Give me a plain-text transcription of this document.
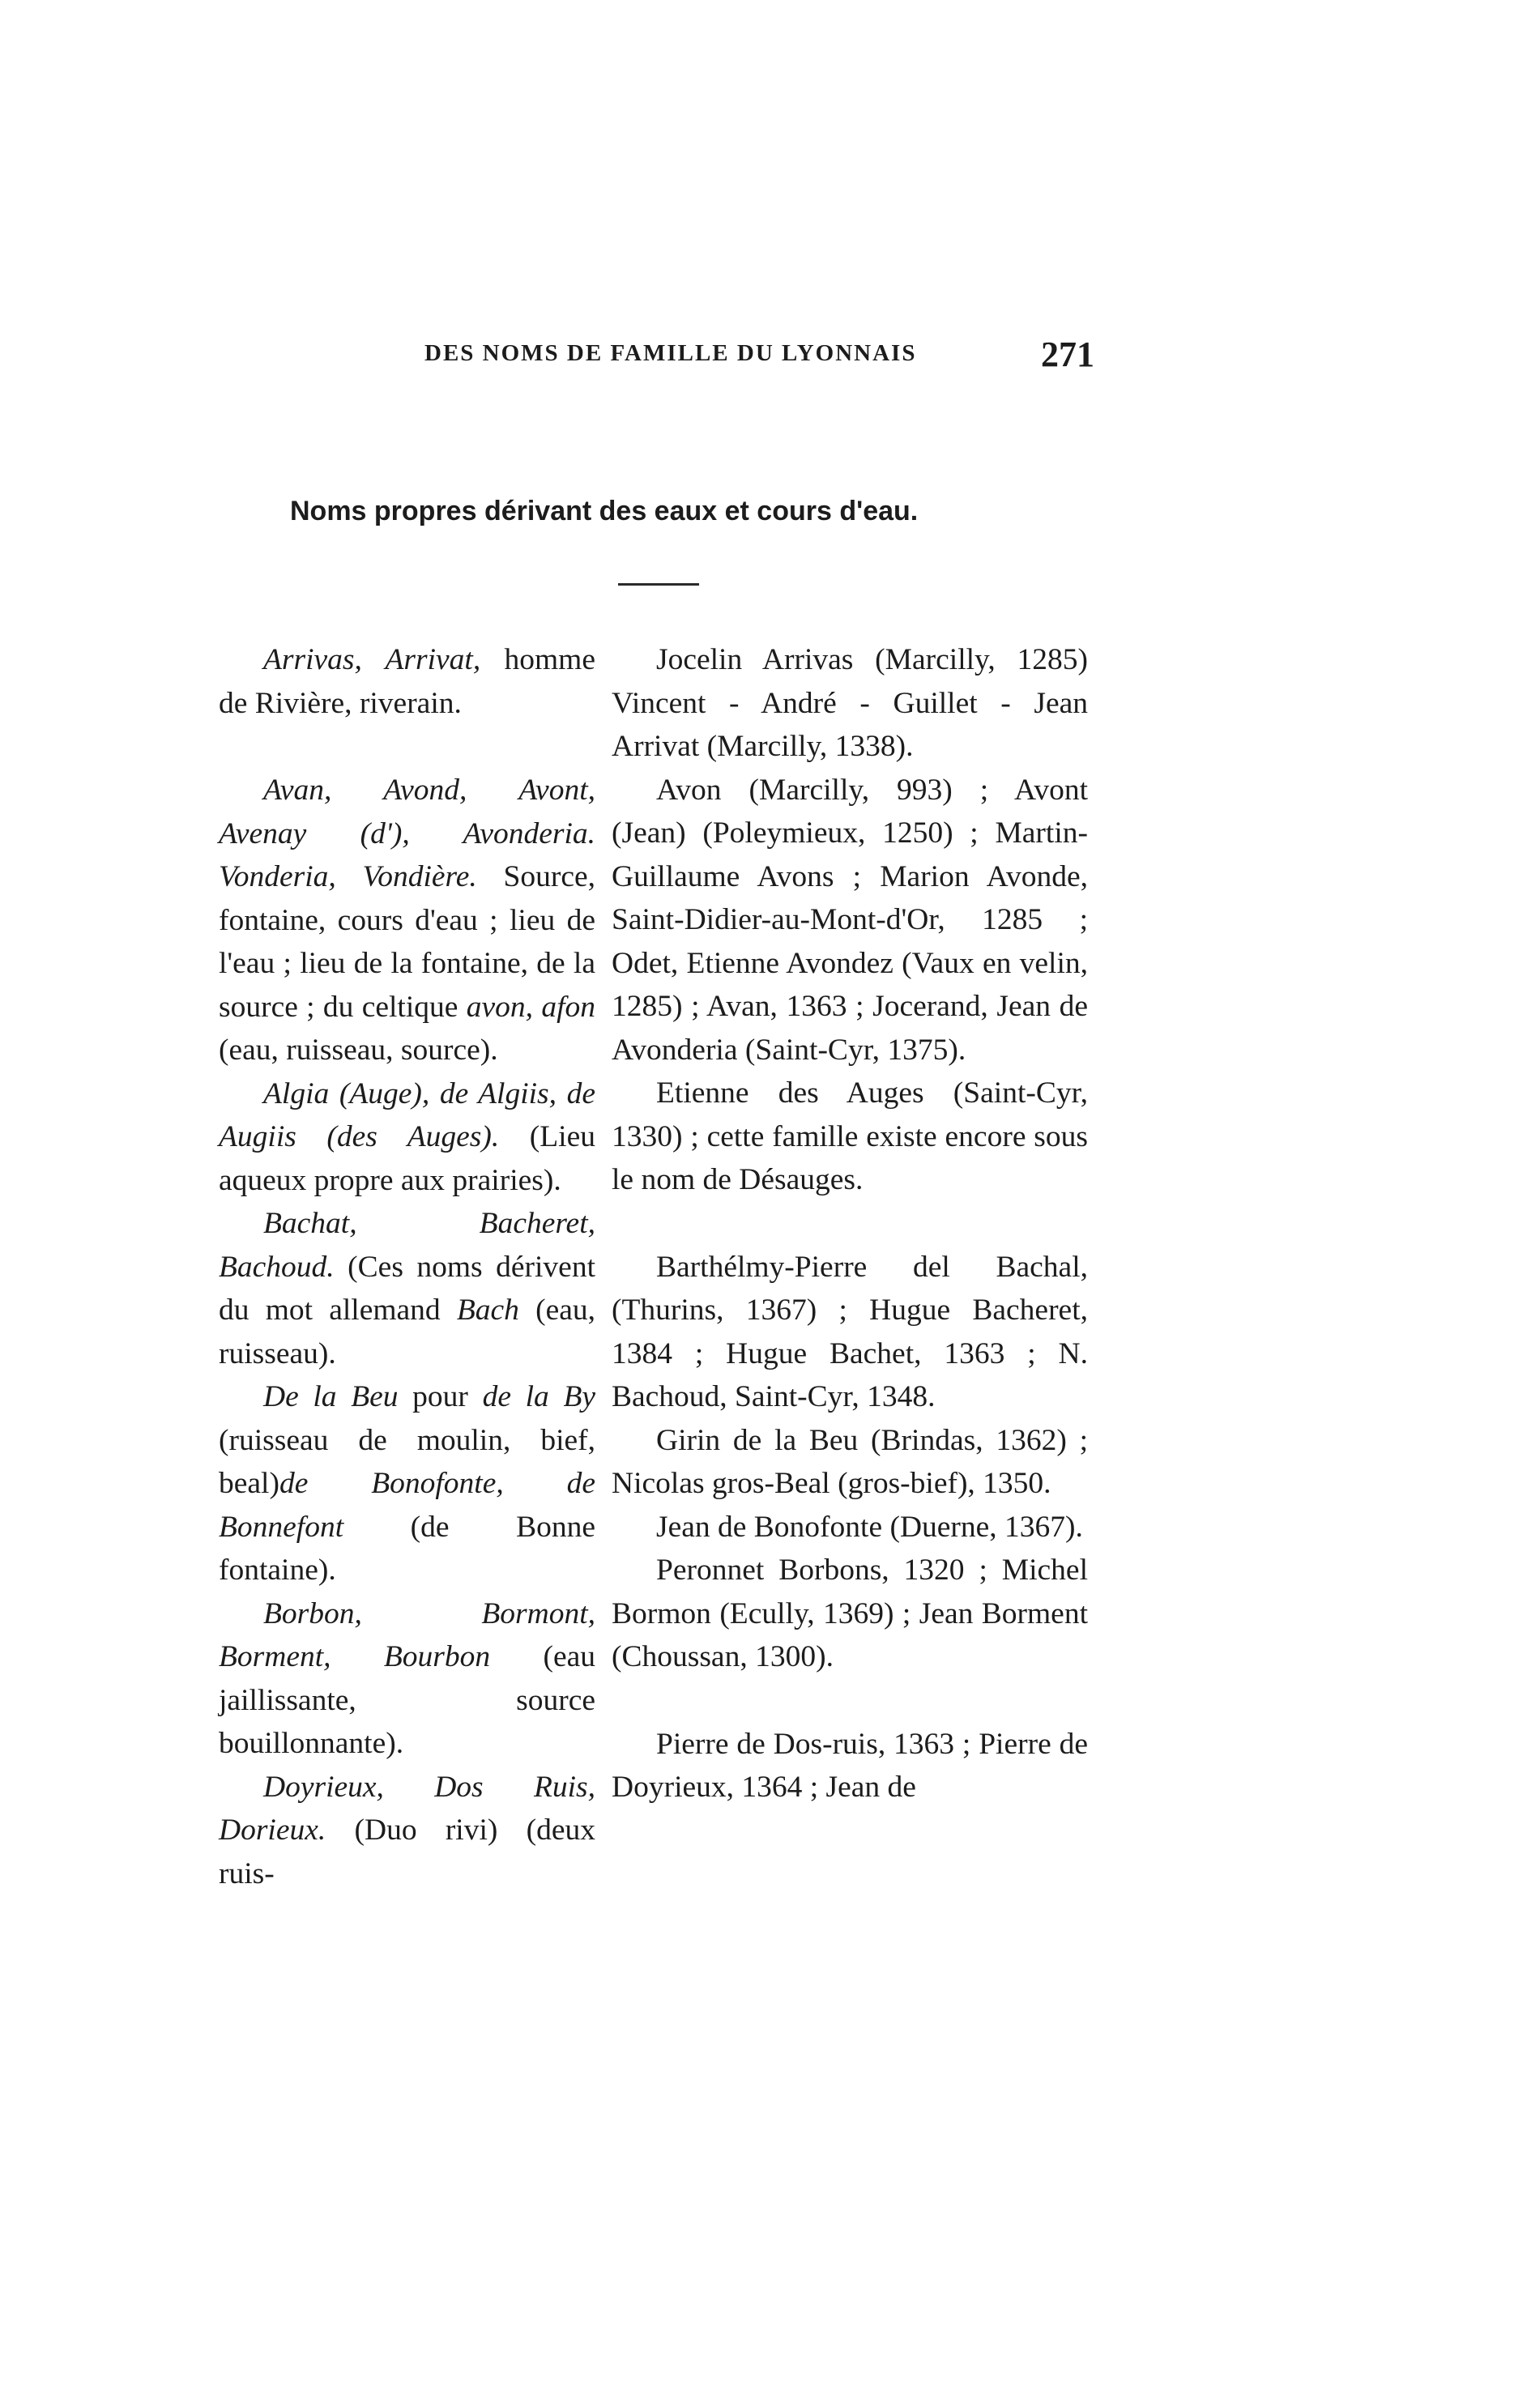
DES NOMS DE FAMILLE DU LYONNAIS	271
Noms propres dérivant des eaux et cours d'eau.

Arrivas, Arrivat, homme de Rivière, riverain.

Avan, Avond, Avont, Avenay (d'), Avonderia. Vonderia, Vondière. Source, fontaine, cours d'eau ; lieu de l'eau ; lieu de la fontaine, de la source ; du celtique avon, afon (eau, ruisseau, source).

Algia (Auge), de Algiis, de Augiis (des Auges). (Lieu aqueux propre aux prairies).

Bachat, Bacheret, Bachoud. (Ces noms dérivent du mot allemand Bach (eau, ruisseau).

De la Beu pour de la By (ruisseau de moulin, bief, beal)de Bonofonte, de Bonnefont (de Bonne fontaine).

Borbon, Bormont, Borment, Bourbon (eau jaillissante, source bouillonnante).

Doyrieux, Dos Ruis, Dorieux. (Duo rivi) (deux ruis-

Jocelin Arrivas (Marcilly, 1285) Vincent - André - Guillet - Jean Arrivat (Marcilly, 1338).

Avon (Marcilly, 993) ; Avont (Jean) (Poleymieux, 1250) ; Martin-Guillaume Avons ; Marion Avonde, Saint-Didier-au-Mont-d'Or, 1285 ; Odet, Etienne Avondez (Vaux en velin, 1285) ; Avan, 1363 ; Jocerand, Jean de Avonderia (Saint-Cyr, 1375).

Etienne des Auges (Saint-Cyr, 1330) ; cette famille existe encore sous le nom de Désauges.

Barthélmy-Pierre del Bachal, (Thurins, 1367) ; Hugue Bacheret, 1384 ; Hugue Bachet, 1363 ; N. Bachoud, Saint-Cyr, 1348.

Girin de la Beu (Brindas, 1362) ; Nicolas gros-Beal (gros-bief), 1350.

Jean de Bonofonte (Duerne, 1367).

Peronnet Borbons, 1320 ; Michel Bormon (Ecully, 1369) ; Jean Borment (Choussan, 1300).

Pierre de Dos-ruis, 1363 ; Pierre de Doyrieux, 1364 ; Jean de
